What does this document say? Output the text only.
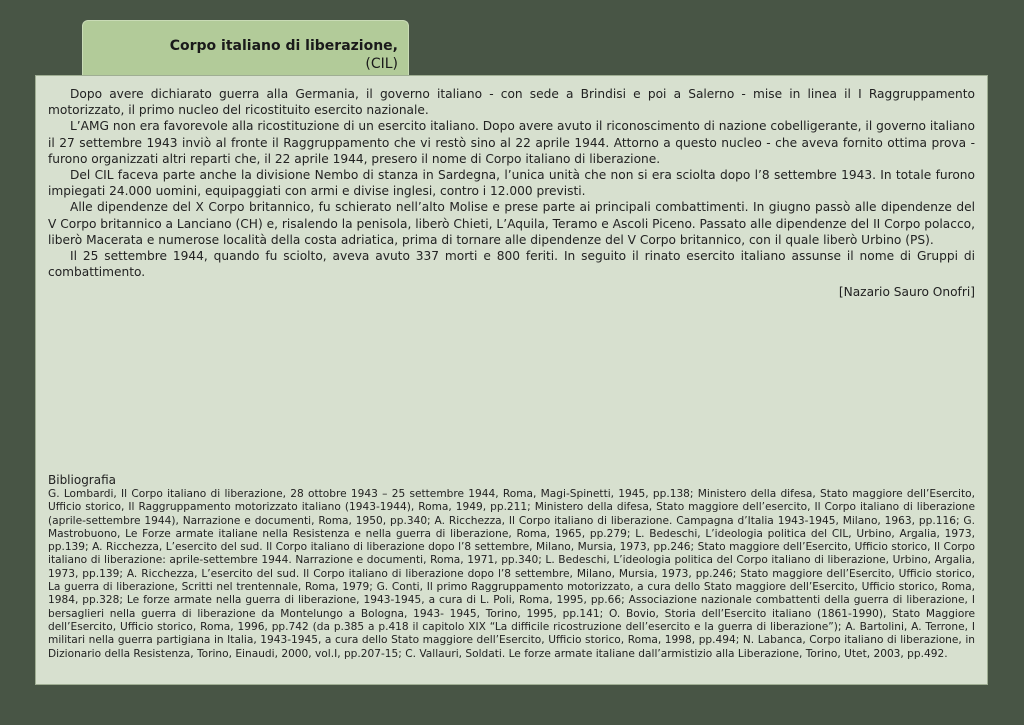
Corpo italiano di liberazione,
(CIL)

Dopo avere dichiarato guerra alla Germania, il governo italiano - con sede a Brindisi e poi a Salerno - mise in linea il I Raggruppamento motorizzato, il primo nucleo del ricostituito esercito nazionale.

L’AMG non era favorevole alla ricostituzione di un esercito italiano. Dopo avere avuto il riconoscimento di nazione cobelligerante, il governo italiano il 27 settembre 1943 inviò al fronte il Raggruppamento che vi restò sino al 22 aprile 1944. Attorno a questo nucleo - che aveva fornito ottima prova - furono organizzati altri reparti che, il 22 aprile 1944, presero il nome di Corpo italiano di liberazione.

Del CIL faceva parte anche la divisione Nembo di stanza in Sardegna, l’unica unità che non si era sciolta dopo l’8 settembre 1943. In totale furono impiegati 24.000 uomini, equipaggiati con armi e divise inglesi, contro i 12.000 previsti.

Alle dipendenze del X Corpo britannico, fu schierato nell’alto Molise e prese parte ai principali combattimenti. In giugno passò alle dipendenze del V Corpo britannico a Lanciano (CH) e, risalendo la penisola, liberò Chieti, L’Aquila, Teramo e Ascoli Piceno. Passato alle dipendenze del II Corpo polacco, liberò Macerata e numerose località della costa adriatica, prima di tornare alle dipendenze del V Corpo britannico, con il quale liberò Urbino (PS).

Il 25 settembre 1944, quando fu sciolto, aveva avuto 337 morti e 800 feriti. In seguito il rinato esercito italiano assunse il nome di Gruppi di combattimento.

[Nazario Sauro Onofri]
Bibliografia

G. Lombardi, Il Corpo italiano di liberazione, 28 ottobre 1943 – 25 settembre 1944, Roma, Magi-Spinetti, 1945, pp.138; Ministero della difesa, Stato maggiore dell’Esercito, Ufficio storico, Il Raggruppamento motorizzato italiano (1943-1944), Roma, 1949, pp.211; Ministero della difesa, Stato maggiore dell’esercito, Il Corpo italiano di liberazione (aprile-settembre 1944), Narrazione e documenti, Roma, 1950, pp.340; A. Ricchezza, Il Corpo italiano di liberazione. Campagna d’Italia 1943-1945, Milano, 1963, pp.116; G. Mastrobuono, Le Forze armate italiane nella Resistenza e nella guerra di liberazione, Roma, 1965, pp.279; L. Bedeschi, L’ideologia politica del CIL, Urbino, Argalia, 1973, pp.139; A. Ricchezza, L’esercito del sud. Il Corpo italiano di liberazione dopo l’8 settembre, Milano, Mursia, 1973, pp.246; Stato maggiore dell’Esercito, Ufficio storico, Il Corpo italiano di liberazione: aprile-settembre 1944. Narrazione e documenti, Roma, 1971, pp.340; L. Bedeschi, L’ideologia politica del Corpo italiano di liberazione, Urbino, Argalia, 1973, pp.139; A. Ricchezza, L’esercito del sud. Il Corpo italiano di liberazione dopo l’8 settembre, Milano, Mursia, 1973, pp.246; Stato maggiore dell’Esercito, Ufficio storico, La guerra di liberazione, Scritti nel trentennale, Roma, 1979; G. Conti, Il primo Raggruppamento motorizzato, a cura dello Stato maggiore dell’Esercito, Ufficio storico, Roma, 1984, pp.328; Le forze armate nella guerra di liberazione, 1943-1945, a cura di L. Poli, Roma, 1995, pp.66; Associazione nazionale combattenti della guerra di liberazione, I bersaglieri nella guerra di liberazione da Montelungo a Bologna, 1943- 1945, Torino, 1995, pp.141; O. Bovio, Storia dell’Esercito italiano (1861-1990), Stato Maggiore dell’Esercito, Ufficio storico, Roma, 1996, pp.742 (da p.385 a p.418 il capitolo XIX “La difficile ricostruzione dell’esercito e la guerra di liberazione”); A. Bartolini, A. Terrone, I militari nella guerra partigiana in Italia, 1943-1945, a cura dello Stato maggiore dell’Esercito, Ufficio storico, Roma, 1998, pp.494; N. Labanca, Corpo italiano di liberazione, in Dizionario della Resistenza, Torino, Einaudi, 2000, vol.I, pp.207-15; C. Vallauri, Soldati. Le forze armate italiane dall’armistizio alla Liberazione, Torino, Utet, 2003, pp.492.
